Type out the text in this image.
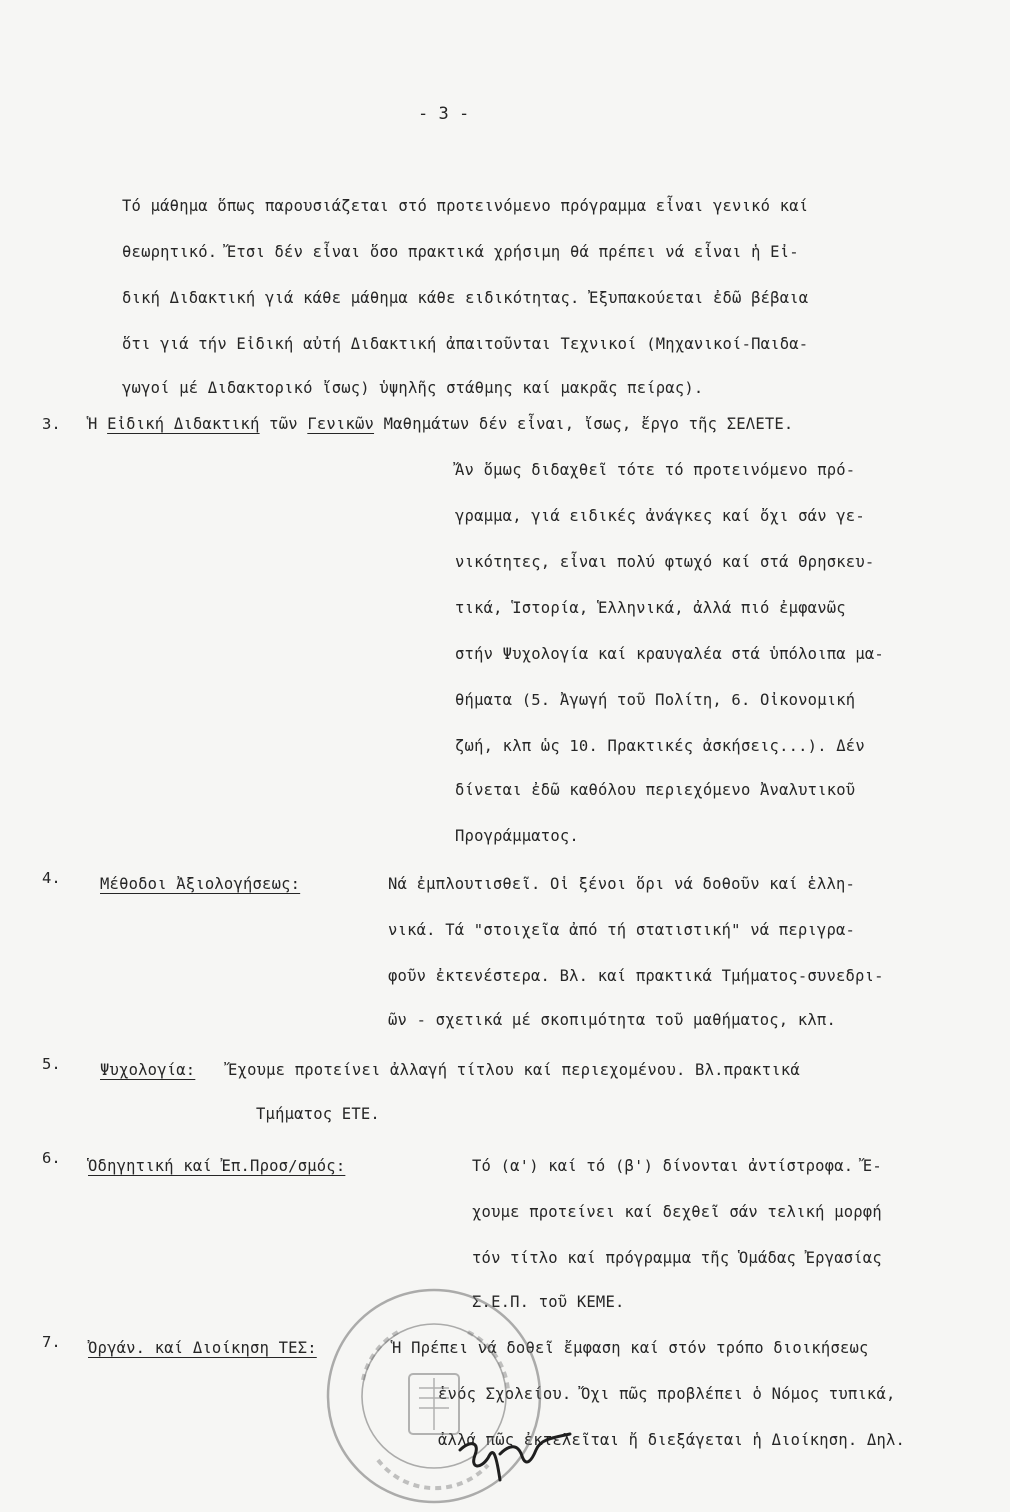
- 3 -
Τό μάθημα ὅπως παρουσιάζεται στό προτεινόμενο πρόγραμμα εἶναι γενικό καί
θεωρητικό. Ἔτσι δέν εἶναι ὅσο πρακτικά χρήσιμη θά πρέπει νά εἶναι ἡ Εἰ-
δική Διδακτική γιά κάθε μάθημα κάθε ειδικότητας. Ἐξυπακούεται ἐδῶ βέβαια
ὅτι γιά τήν Εἰδική αὐτή Διδακτική ἀπαιτοῦνται Τεχνικοί (Μηχανικοί-Παιδα-
γωγοί μέ Διδακτορικό ἴσως) ὑψηλῆς στάθμης καί μακρᾶς πείρας).
3. Ἡ Εἰδική Διδακτική τῶν Γενικῶν Μαθημάτων δέν εἶναι, ἴσως, ἔργο τῆς ΣΕΛΕΤΕ.
Ἄν ὅμως διδαχθεῖ τότε τό προτεινόμενο πρό-
γραμμα, γιά ειδικές ἀνάγκες καί ὄχι σάν γε-
νικότητες, εἶναι πολύ φτωχό καί στά Θρησκευ-
τικά, Ἱστορία, Ἑλληνικά, ἀλλά πιό ἐμφανῶς
στήν Ψυχολογία καί κραυγαλέα στά ὑπόλοιπα μα-
θήματα (5. Ἀγωγή τοῦ Πολίτη, 6. Οἰκονομική
ζωή, κλπ ὡς 10. Πρακτικές ἀσκήσεις...). Δέν
δίνεται ἐδῶ καθόλου περιεχόμενο Ἀναλυτικοῦ
Προγράμματος.
4.	Μέθοδοι Ἀξιολογήσεως:	Νά ἐμπλουτισθεῖ. Οἱ ξένοι ὅρι νά δοθοῦν καί ἑλλη-
νικά. Τά "στοιχεῖα ἀπό τή στατιστική" νά περιγρα-
φοῦν ἐκτενέστερα. Βλ. καί πρακτικά Τμήματος-συνεδρι-
ῶν - σχετικά μέ σκοπιμότητα τοῦ μαθήματος, κλπ.
5.	Ψυχολογία: Ἔχουμε προτείνει ἀλλαγή τίτλου καί περιεχομένου. Βλ.πρακτικά
Τμήματος ΕΤΕ.
6. Ὁδηγητική καί Ἐπ.Προσ/σμός:	Τό (α') καί τό (β') δίνονται ἀντίστροφα. Ἔ-
χουμε προτείνει καί δεχθεῖ σάν τελική μορφή
τόν τίτλο καί πρόγραμμα τῆς Ὁμάδας Ἐργασίας
Σ.Ε.Π. τοῦ ΚΕΜΕ.
7. Ὀργάν. καί Διοίκηση ΤΕΣ:	Ἡ Πρέπει νά δοθεῖ ἔμφαση καί στόν τρόπο διοικήσεως
ἑνός Σχολείου. Ὄχι πῶς προβλέπει ὁ Νόμος τυπικά,
ἀλλά πῶς ἐκτελεῖται ἤ διεξάγεται ἡ Διοίκηση. Δηλ.
